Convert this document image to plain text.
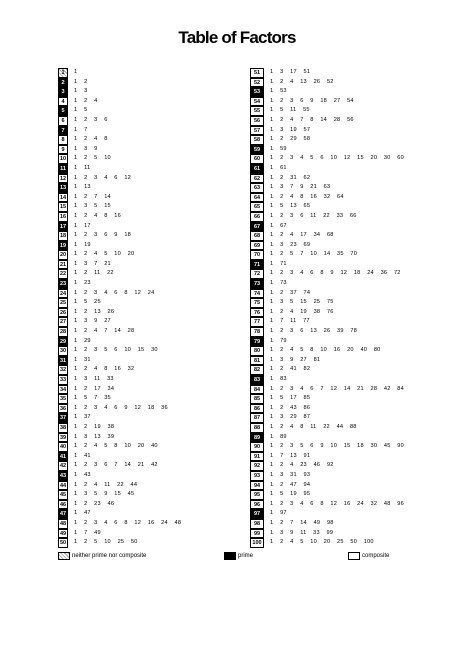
Table of Factors
1	1
2	1 2
3	1 3
4	1 2 4
5	1 5
6	1 2 3 6
7	1 7
8	1 2 4 8
9	1 3 9
10	1 2 5 10
11	1 11
12	1 2 3 4 6 12
13	1 13
14	1 2 7 14
15	1 3 5 15
16	1 2 4 8 16
17	1 17
18	1 2 3 6 9 18
19	1 19
20	1 2 4 5 10 20
21	1 3 7 21
22	1 2 11 22
23	1 23
24	1 2 3 4 6 8 12 24
25	1 5 25
26	1 2 13 26
27	1 3 9 27
28	1 2 4 7 14 28
29	1 29
30	1 2 3 5 6 10 15 30
31	1 31
32	1 2 4 8 16 32
33	1 3 11 33
34	1 2 17 34
35	1 5 7 35
36	1 2 3 4 6 9 12 18 36
37	1 37
38	1 2 19 38
39	1 3 13 39
40	1 2 4 5 8 10 20 40
41	1 41
42	1 2 3 6 7 14 21 42
43	1 43
44	1 2 4 11 22 44
45	1 3 5 9 15 45
46	1 2 23 46
47	1 47
48	1 2 3 4 6 8 12 16 24 48
49	1 7 49
50	1 2 5 10 25 50
51	1 3 17 51
52	1 2 4 13 26 52
53	1 53
54	1 2 3 6 9 18 27 54
55	1 5 11 55
56	1 2 4 7 8 14 28 56
57	1 3 19 57
58	1 2 29 58
59	1 59
60	1 2 3 4 5 6 10 12 15 20 30 60
61	1 61
62	1 2 31 62
63	1 3 7 9 21 63
64	1 2 4 8 16 32 64
65	1 5 13 65
66	1 2 3 6 11 22 33 66
67	1 67
68	1 2 4 17 34 68
69	1 3 23 69
70	1 2 5 7 10 14 35 70
71	1 71
72	1 2 3 4 6 8 9 12 18 24 36 72
73	1 73
74	1 2 37 74
75	1 3 5 15 25 75
76	1 2 4 19 38 76
77	1 7 11 77
78	1 2 3 6 13 26 39 78
79	1 79
80	1 2 4 5 8 10 16 20 40 80
81	1 3 9 27 81
82	1 2 41 82
83	1 83
84	1 2 3 4 6 7 12 14 21 28 42 84
85	1 5 17 85
86	1 2 43 86
87	1 3 29 87
88	1 2 4 8 11 22 44 88
89	1 89
90	1 2 3 5 6 9 10 15 18 30 45 90
91	1 7 13 91
92	1 2 4 23 46 92
93	1 3 31 93
94	1 2 47 94
95	1 5 19 95
96	1 2 3 4 6 8 12 16 24 32 48 96
97	1 97
98	1 2 7 14 49 98
99	1 3 9 11 33 99
100	1 2 4 5 10 20 25 50 100
neither prime nor composite	prime	composite
